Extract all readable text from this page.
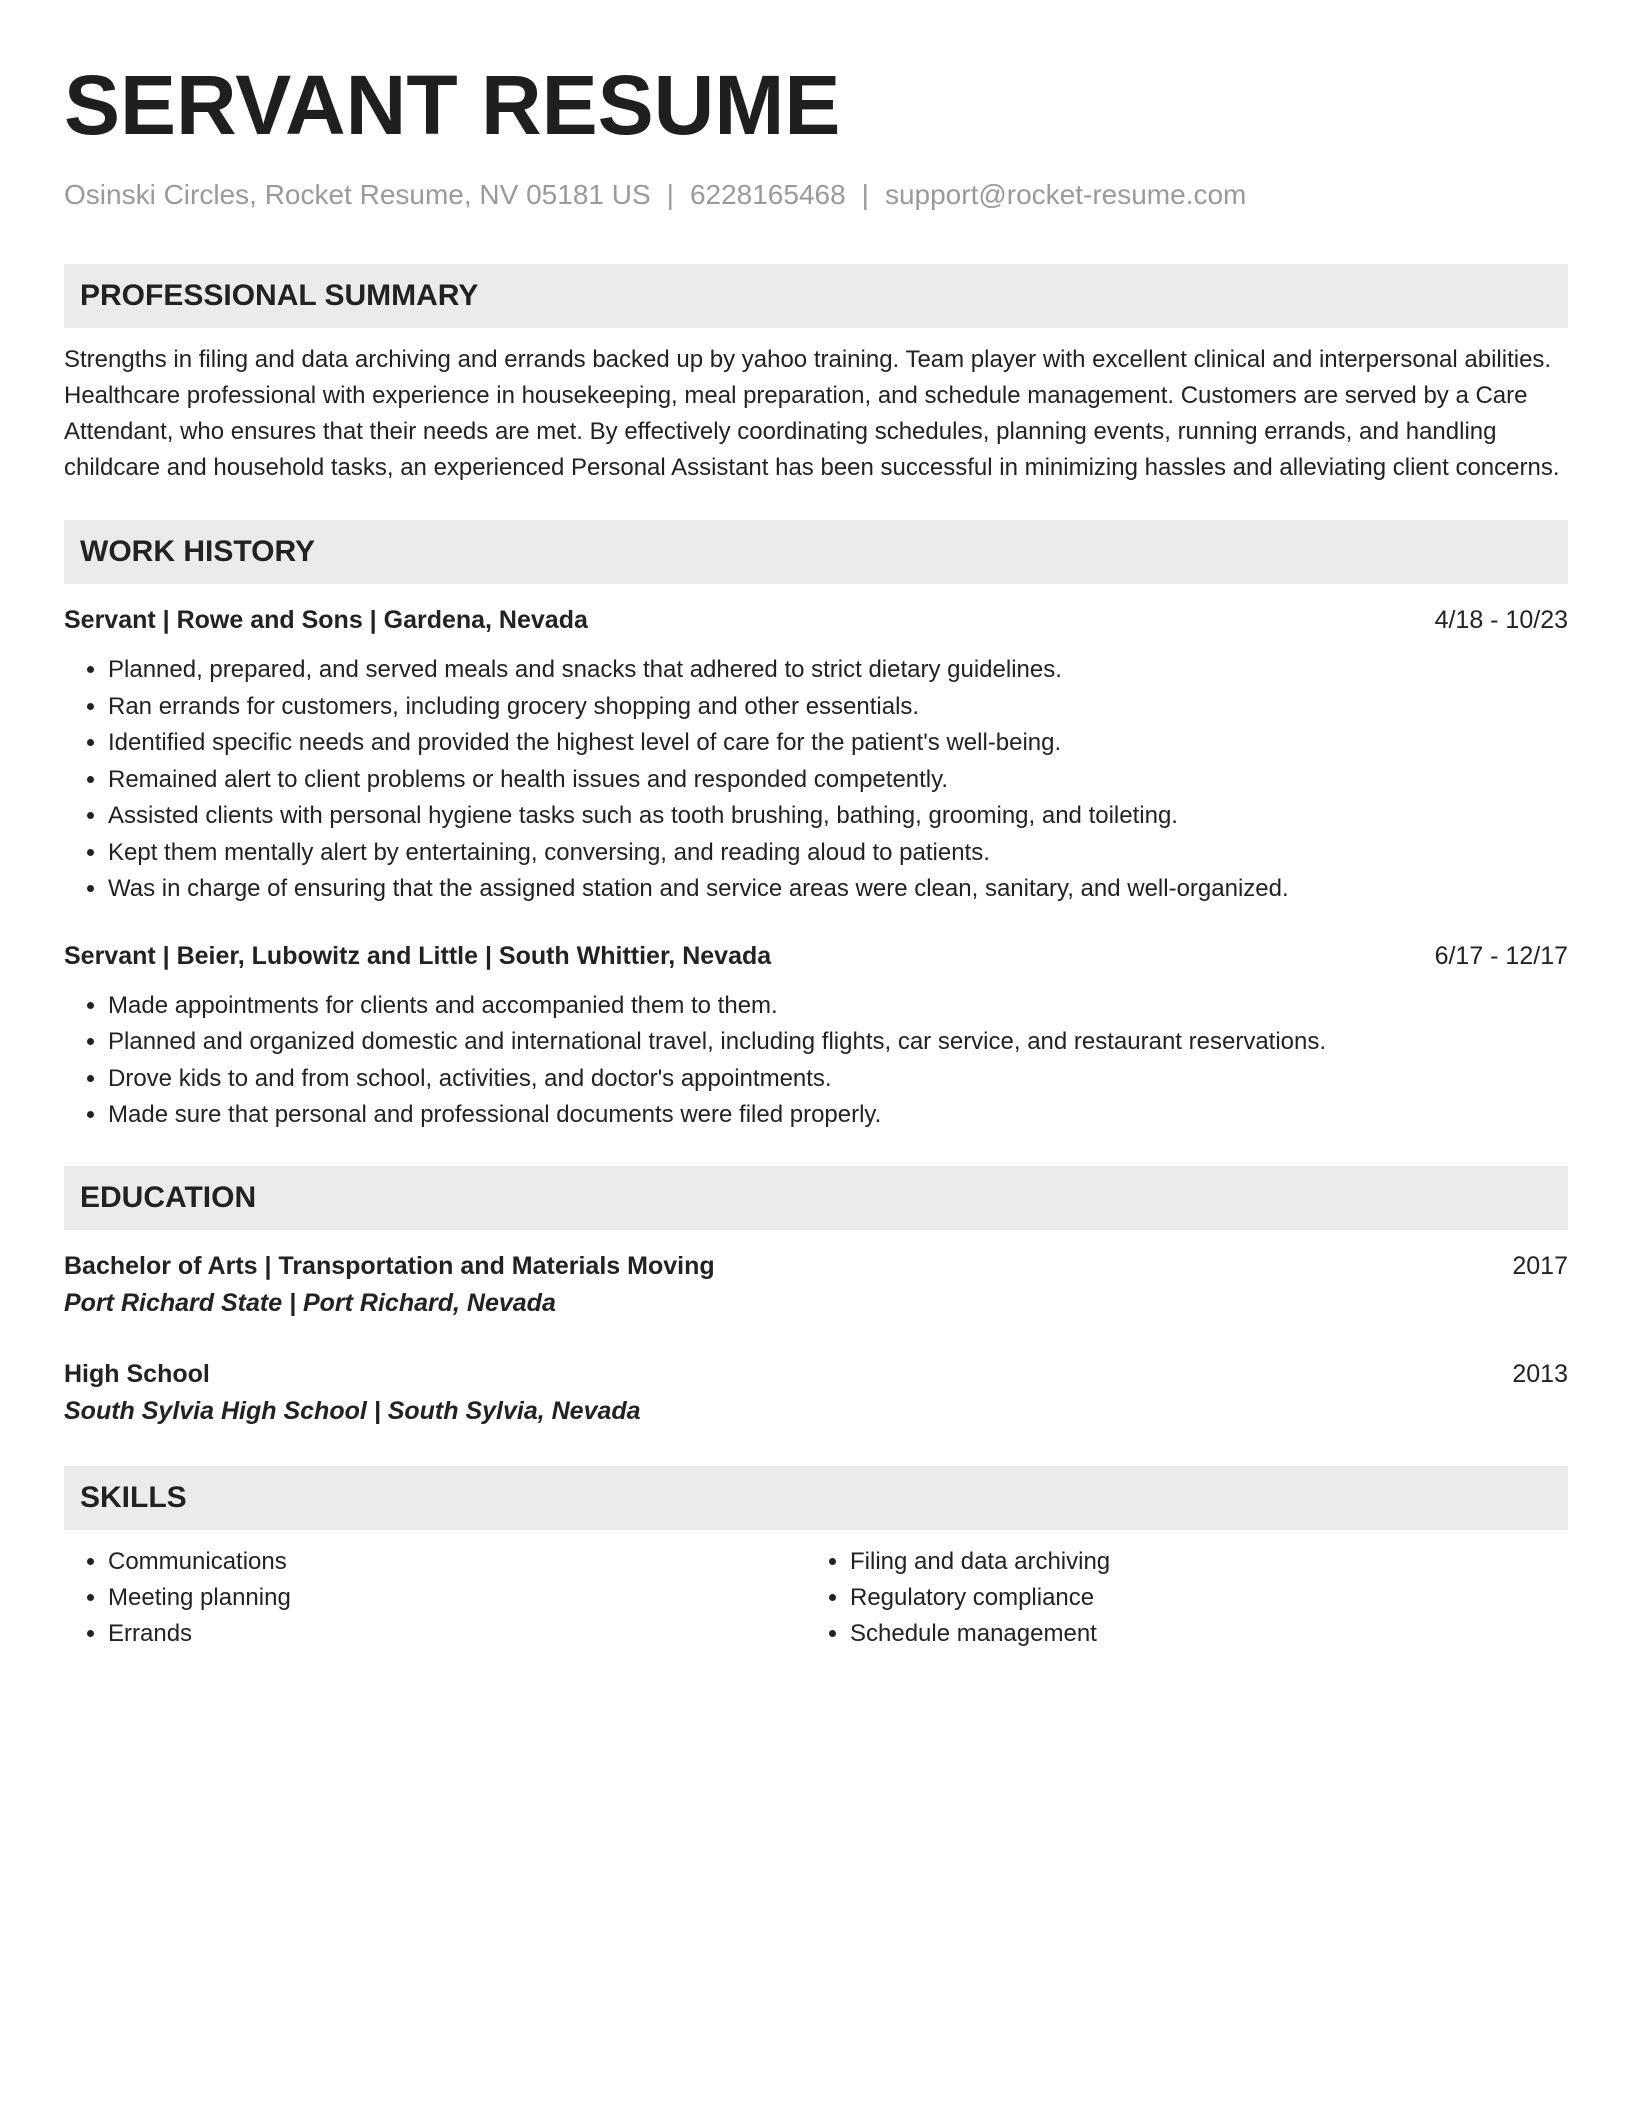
SERVANT RESUME
Osinski Circles, Rocket Resume, NV 05181 US | 6228165468 | support@rocket-resume.com
PROFESSIONAL SUMMARY
Strengths in filing and data archiving and errands backed up by yahoo training. Team player with excellent clinical and interpersonal abilities. Healthcare professional with experience in housekeeping, meal preparation, and schedule management. Customers are served by a Care Attendant, who ensures that their needs are met. By effectively coordinating schedules, planning events, running errands, and handling childcare and household tasks, an experienced Personal Assistant has been successful in minimizing hassles and alleviating client concerns.
WORK HISTORY
Servant | Rowe and Sons | Gardena, Nevada	4/18 - 10/23
• Planned, prepared, and served meals and snacks that adhered to strict dietary guidelines.
• Ran errands for customers, including grocery shopping and other essentials.
• Identified specific needs and provided the highest level of care for the patient's well-being.
• Remained alert to client problems or health issues and responded competently.
• Assisted clients with personal hygiene tasks such as tooth brushing, bathing, grooming, and toileting.
• Kept them mentally alert by entertaining, conversing, and reading aloud to patients.
• Was in charge of ensuring that the assigned station and service areas were clean, sanitary, and well-organized.
Servant | Beier, Lubowitz and Little | South Whittier, Nevada	6/17 - 12/17
• Made appointments for clients and accompanied them to them.
• Planned and organized domestic and international travel, including flights, car service, and restaurant reservations.
• Drove kids to and from school, activities, and doctor's appointments.
• Made sure that personal and professional documents were filed properly.
EDUCATION
Bachelor of Arts | Transportation and Materials Moving	2017
Port Richard State | Port Richard, Nevada
High School	2013
South Sylvia High School | South Sylvia, Nevada
SKILLS
• Communications
• Meeting planning
• Errands
• Filing and data archiving
• Regulatory compliance
• Schedule management
